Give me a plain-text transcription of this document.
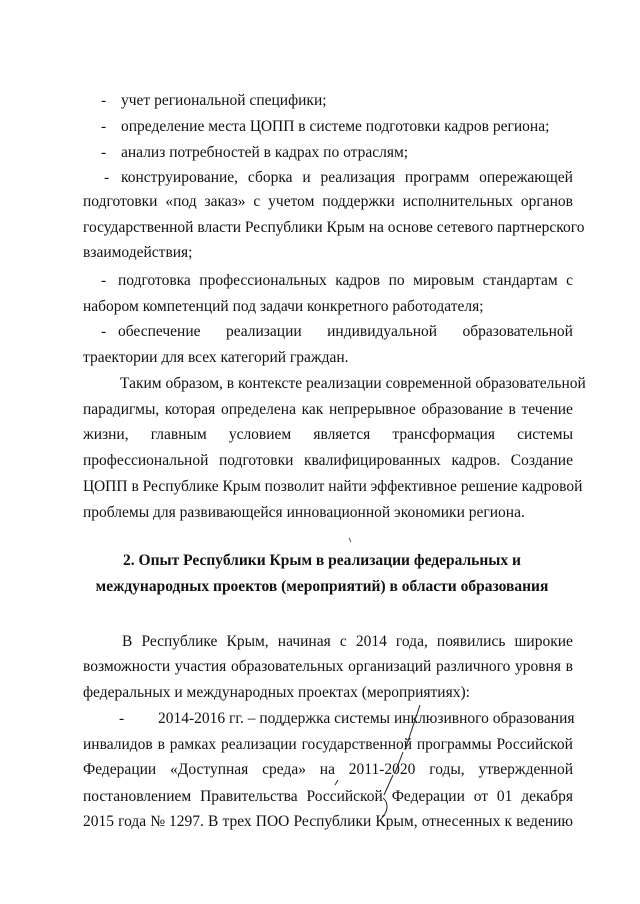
- учет региональной специфики;
- определение места ЦОПП в системе подготовки кадров региона;
- анализ потребностей в кадрах по отраслям;
- конструирование, сборка и реализация программ опережающей
подготовки «под заказ» с учетом поддержки исполнительных органов
государственной власти Республики Крым на основе сетевого партнерского
взаимодействия;
- подготовка профессиональных кадров по мировым стандартам с
набором компетенций под задачи конкретного работодателя;
- обеспечение реализации индивидуальной образовательной
траектории для всех категорий граждан.
Таким образом, в контексте реализации современной образовательной
парадигмы, которая определена как непрерывное образование в течение
жизни, главным условием является трансформация системы
профессиональной подготовки квалифицированных кадров. Создание
ЦОПП в Республике Крым позволит найти эффективное решение кадровой
проблемы для развивающейся инновационной экономики региона.
2. Опыт Республики Крым в реализации федеральных и
международных проектов (мероприятий) в области образования
В Республике Крым, начиная с 2014 года, появились широкие
возможности участия образовательных организаций различного уровня в
федеральных и международных проектах (мероприятиях):
- 2014-2016 гг. – поддержка системы инклюзивного образования
инвалидов в рамках реализации государственной программы Российской
Федерации «Доступная среда» на 2011-2020 годы, утвержденной
постановлением Правительства Российской Федерации от 01 декабря
2015 года № 1297. В трех ПОО Республики Крым, отнесенных к ведению
